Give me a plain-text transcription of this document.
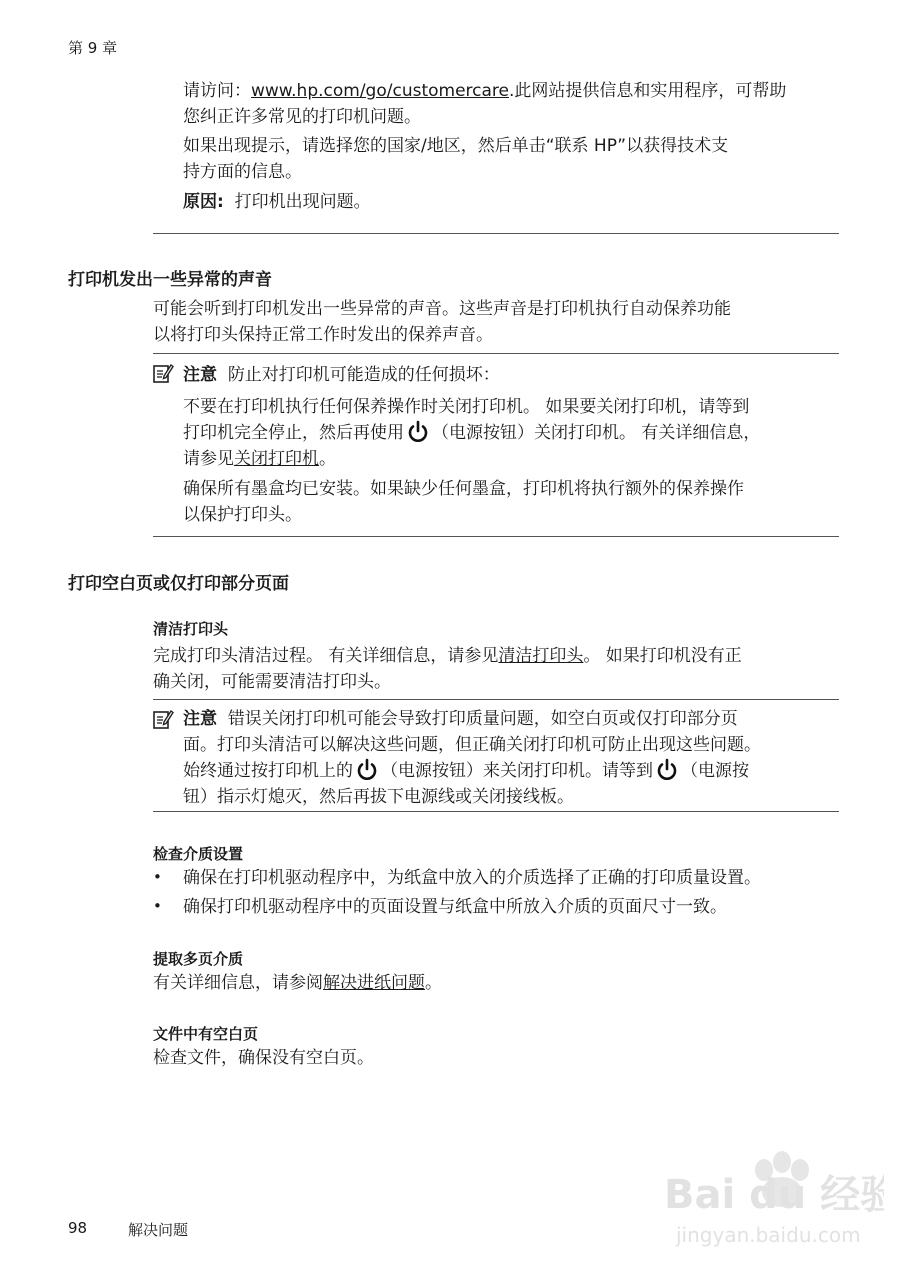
第 9 章

请访问：www.hp.com/go/customercare.此网站提供信息和实用程序，可帮助
您纠正许多常见的打印机问题。

如果出现提示，请选择您的国家/地区，然后单击“联系 HP”以获得技术支
持方面的信息。

原因: 打印机出现问题。

打印机发出一些异常的声音

可能会听到打印机发出一些异常的声音。这些声音是打印机执行自动保养功能
以将打印头保持正常工作时发出的保养声音。

注意 防止对打印机可能造成的任何损坏：

不要在打印机执行任何保养操作时关闭打印机。 如果要关闭打印机，请等到
打印机完全停止，然后再使用 （电源按钮）关闭打印机。 有关详细信息，
请参见关闭打印机。

确保所有墨盒均已安装。如果缺少任何墨盒，打印机将执行额外的保养操作
以保护打印头。

打印空白页或仅打印部分页面
清洁打印头

完成打印头清洁过程。 有关详细信息，请参见清洁打印头。 如果打印机没有正
确关闭，可能需要清洁打印头。

注意 错误关闭打印机可能会导致打印质量问题，如空白页或仅打印部分页
面。打印头清洁可以解决这些问题，但正确关闭打印机可防止出现这些问题。
始终通过按打印机上的 （电源按钮）来关闭打印机。请等到 （电源按
钮）指示灯熄灭，然后再拔下电源线或关闭接线板。

检查介质设置
• 确保在打印机驱动程序中，为纸盒中放入的介质选择了正确的打印质量设置。

• 确保打印机驱动程序中的页面设置与纸盒中所放入介质的页面尺寸一致。

提取多页介质

有关详细信息，请参阅解决进纸问题。

文件中有空白页

检查文件，确保没有空白页。

98	解决问题
Bai du 经验
jingyan.baidu.com
